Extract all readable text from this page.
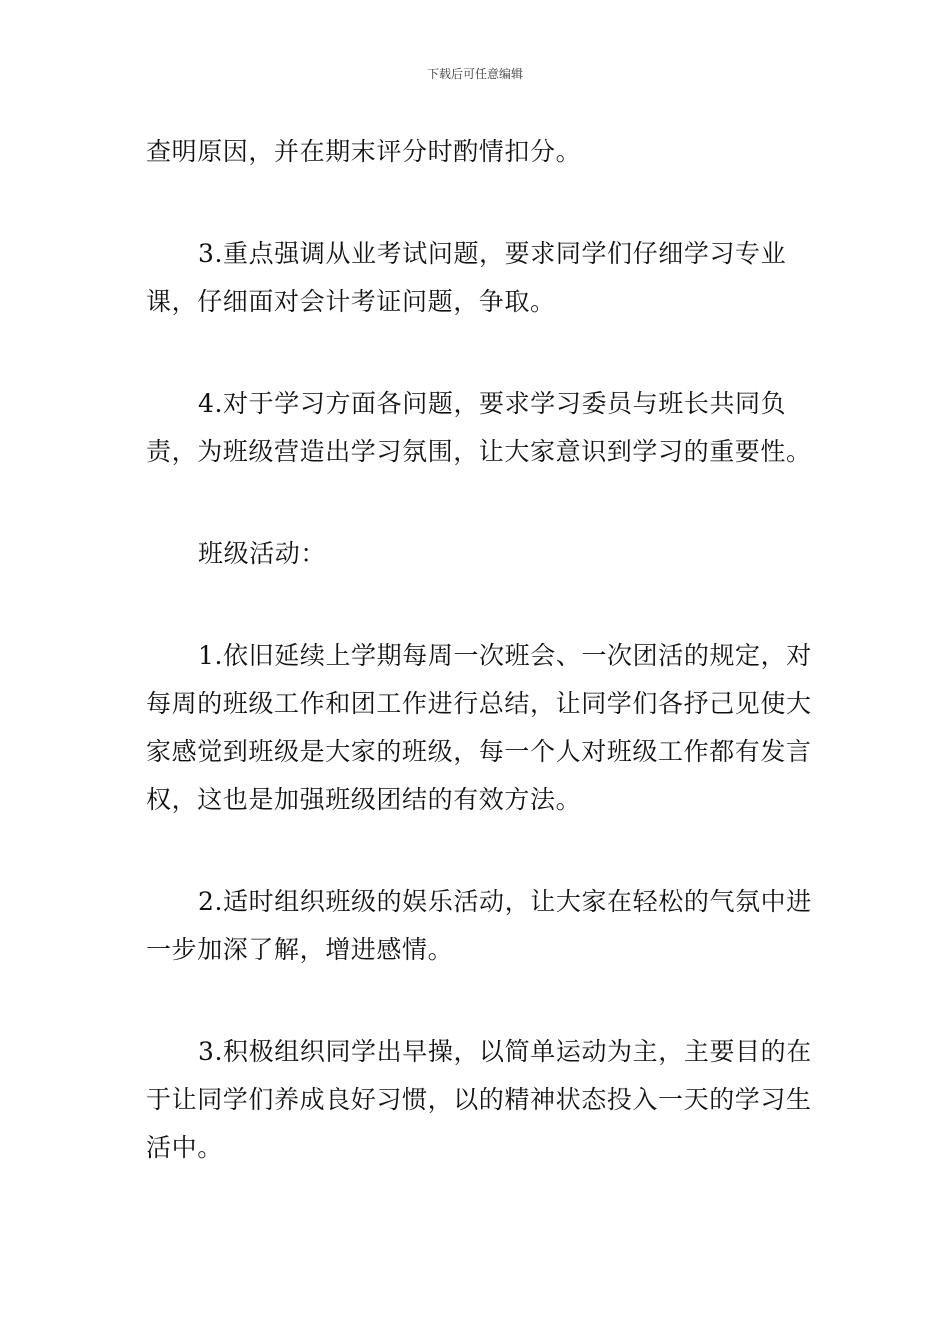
下载后可任意编辑

查明原因，并在期末评分时酌情扣分。

3.重点强调从业考试问题，要求同学们仔细学习专业课，仔细面对会计考证问题，争取。

4.对于学习方面各问题，要求学习委员与班长共同负责，为班级营造出学习氛围，让大家意识到学习的重要性。

班级活动：

1.依旧延续上学期每周一次班会、一次团活的规定，对每周的班级工作和团工作进行总结，让同学们各抒己见使大家感觉到班级是大家的班级，每一个人对班级工作都有发言权，这也是加强班级团结的有效方法。

2.适时组织班级的娱乐活动，让大家在轻松的气氛中进一步加深了解，增进感情。

3.积极组织同学出早操，以简单运动为主，主要目的在于让同学们养成良好习惯，以的精神状态投入一天的学习生活中。
